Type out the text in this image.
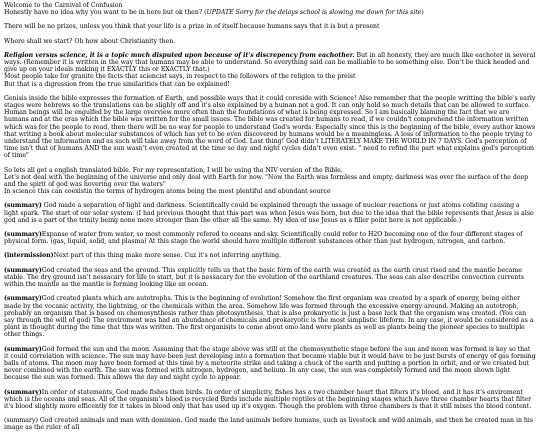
Welcome to the Carnival of Confusion

Honestly have no idea why you want to be in here but ok then? (UPDATE Sorry for the delays school is slowing me down for this site)

There will be no prizes, unless you think that your life is a prize in of itself because humans says that it is but a present

Where shall we start? Oh how about Christianity then.

Religion versus science, it is a topic much disputed upon because of it's discrepency from eachother. But in all honesty, they are much like eachoter in several ways. (Remember it is written in the way that humans may be able to understand. So everything said can be malliable to be something else. Don't be thick headed and give up on your ideals making it EXACTLY this or EXACTLY that.)

Most people take for granite the facts that sciencist says, in respect to the followers of the religion to the preist

But that is a digression from the true similarities that can be explained!

Genisis inside the bible expresses the formation of Earth, and possible ways that it could coreside with Science! Also remember that the people writting the bible's early stages were hebrews so the translations can be slighly off and it's also explained by a human not a god. It can only hold so much details that can be allowed to surface. Human beings will be engulfed by the large overview more often than the foundations of what is being expressed. So I am basically blaming the fact that we are humans and at the eras which the bible was written for the small issues. The bible was created for humans to read, if we couldn't comprehend the information written which was for the people to read, then there will be no way for people to understand God's words. Especially since this is the beginning of the bible, every author knows that writing a book about molecular substances of which has yet to be even discovered by humans would be a meaningless. A loss of information to the people trying to understand the information and as such will take away from the word of God. Last thing! God didn't LITERATELY MAKE THE WORLD IN 7 DAYS. God's perception of time isn't that of humans AND the sun wasn't even created at the time so day and night cycles didn't even exist. " need to refind the part what explains god's perception of time"

So lets all get a english translated bible. For my representation, I will be using the NIV version of the Bible.

Let's not deal with the beginning of the universe and only deal with Earth for now. "Now the Earth was formless and empty, darkness was over the surface of the deep and the spirit of god was hovering over the waters"

In science this can coexistin the terms of hydrogen atoms being the most plentiful and abundant source

(summary) God made a separation of light and darkness. Scientifically could be explained through the ussage of nuclear reactions or just atoms coliding causing a light spark. The start of our solar system. (I had previous thought that this part was when Jesus was born, but due to the idea that the bible represents that Jesus is also god and is a part of the trinity being none more stronger than the other all the same. My idea of use Jesus as a filler point here is not applicable.)

(summary)Expanse of water from water, so most commonly refered to oceans and sky. Scientifically could refer to H2O becoming one of the four different stages of physical form. (gas, liquid, solid, and plasma) At this stage the world should have multiple different substances other than just hydrogen, nitrogen, and carbon.

(intermission)Next part of this thing make more sense. Cuz it's not inferring anything.

(summary)God created the seas and the ground. This explicitly tells us that the basic form of the earth was created as the earth crust rised and the mantle became stable. The dry ground isn't nessacary for life to start, but it is nessacary for the evolution of the earthland creatures. The seas can also describe convection currents within the mantle as the mantle is forming looking like an ocean.

(summary)God created plants which are autotrophs. This is the beginning of evolution! Somehow the first organism was created by a spark of energy, being either made by the vocanic activity, the lightning, or the chemicals within the area. Somehow life was formed through the excessive energy around. Making an autotroph, probably an organism that is based on chemosynthesis rather than photosynthesis, that is also prokaryotic is just a base luck that the organism was created. (You can say through the will of god) The enviroment was had an abundance of chemicals and prokaryotic is the most simplistic lifeform. In any case, it would be considered as a plant in thought during the time that this was written. The first organisits to come about omo land were plants as well as plants being the pioneer species to multiple other things.

(summary)God formed the sun and the moon. Assuming that the stage above was still at the chemosynthetic stage before the sun and moon was formed is key so that it could correlation with science. The sun may have been just developing into a formation that became viable but it would have to be just bursts of energy of gas forming balls of atoms. The moon may have been formed at this time by a meteorite strike and taking a chuck of the earth and putting a portion in orbit, and or we created but never combined with the earth. The sun was formed with nitrogen, hydrogen, and helium. In any case, the sun was completely formed and the moon shown light because the sun was formed. This allows the day and night cycle to appear.

(summary)In order of statements, God made fishes then birds. In order of simplicity, fishes has a two chamber heart that filters it's blood, and it has it's enviroment which is the oceans and seas. All of the organism's blood is recycled Birds include multiple reptiles at the beginning stages which have three chamber hearts that filter it's blood slightly more efficently for it takes in blood only that has used up it's oxygen. Though the problem with three chambers is that it still mixes the blood content.

(summary) God created animals and man with dominion. God made the land animals before humans, such as livestock and wild animals, and then he created man in his image as the ruler of all
